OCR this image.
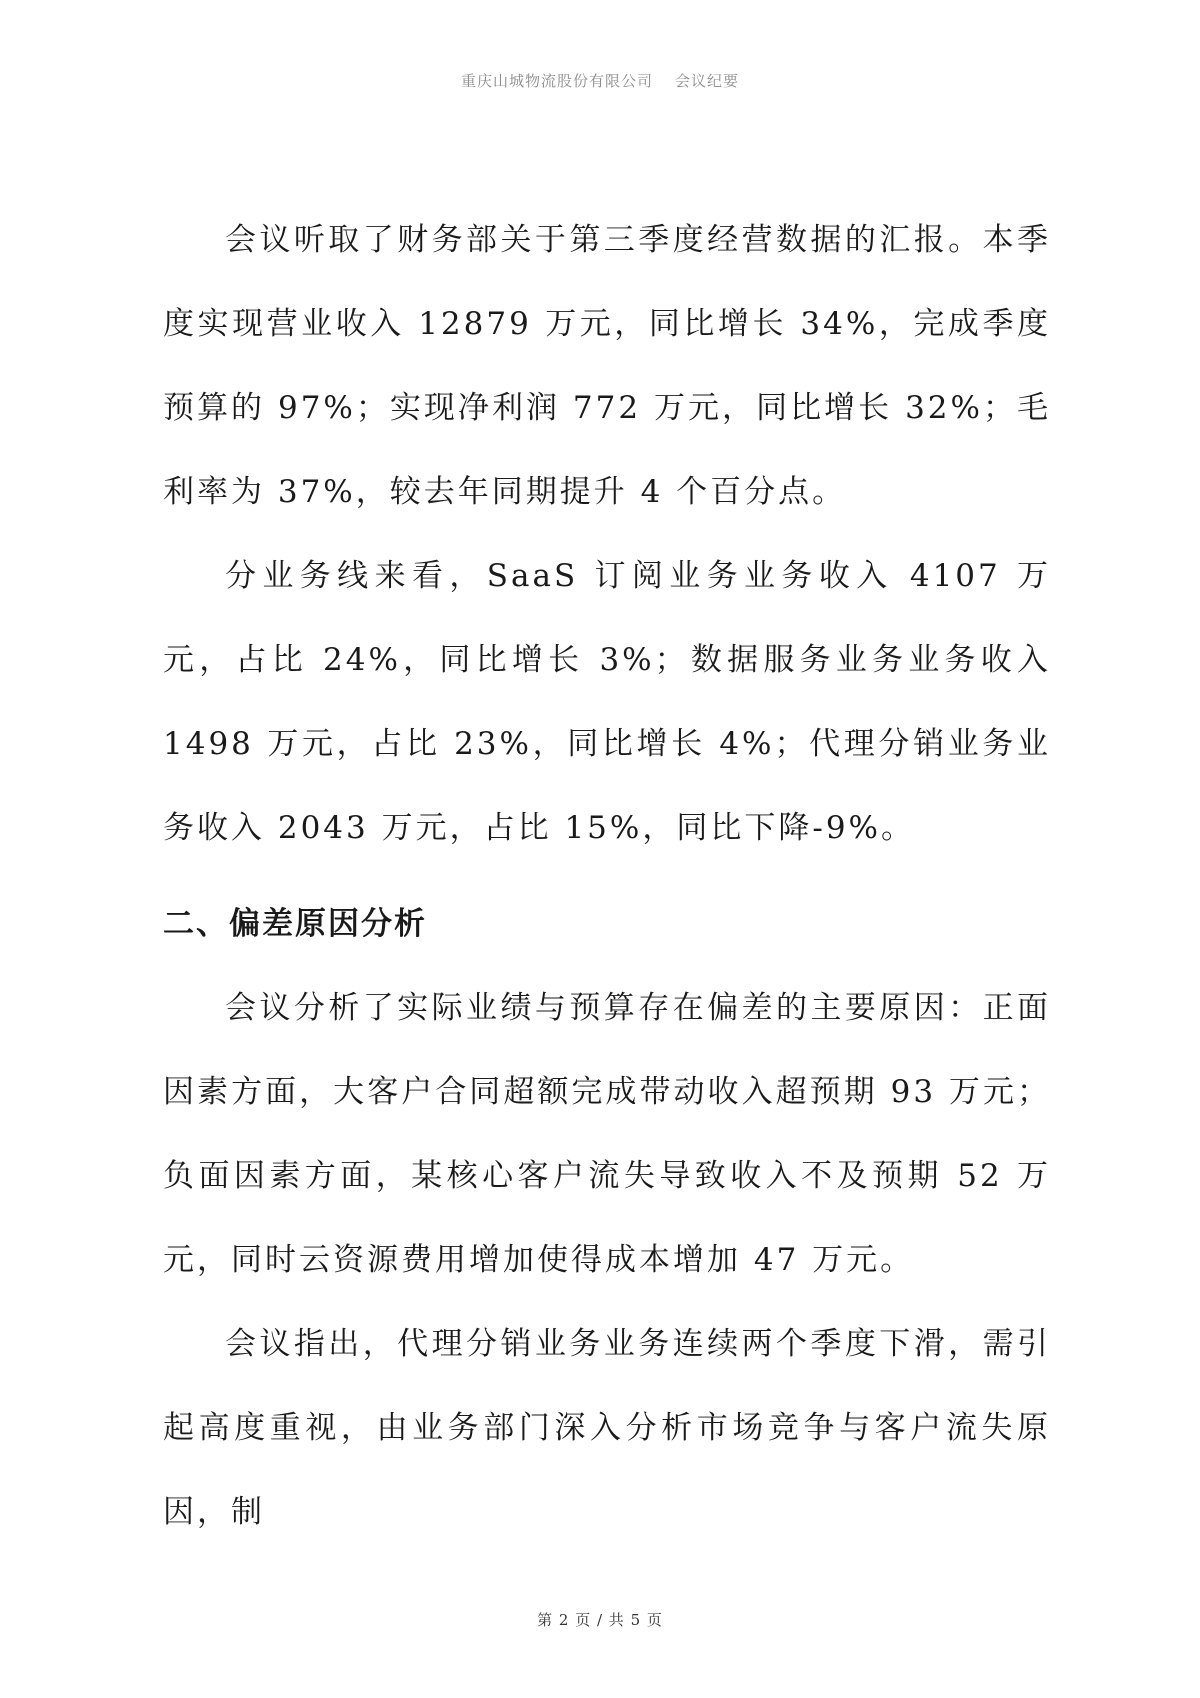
重庆山城物流股份有限公司 会议纪要

会议听取了财务部关于第三季度经营数据的汇报。本季度实现营业收入 12879 万元，同比增长 34%，完成季度预算的 97%；实现净利润 772 万元，同比增长 32%；毛利率为 37%，较去年同期提升 4 个百分点。

分业务线来看，SaaS 订阅业务业务收入 4107 万元，占比 24%，同比增长 3%；数据服务业务业务收入 1498 万元，占比 23%，同比增长 4%；代理分销业务业务收入 2043 万元，占比 15%，同比下降-9%。

二、偏差原因分析

会议分析了实际业绩与预算存在偏差的主要原因：正面因素方面，大客户合同超额完成带动收入超预期 93 万元；负面因素方面，某核心客户流失导致收入不及预期 52 万元，同时云资源费用增加使得成本增加 47 万元。

会议指出，代理分销业务业务连续两个季度下滑，需引起高度重视，由业务部门深入分析市场竞争与客户流失原因，制

第 2 页 / 共 5 页
